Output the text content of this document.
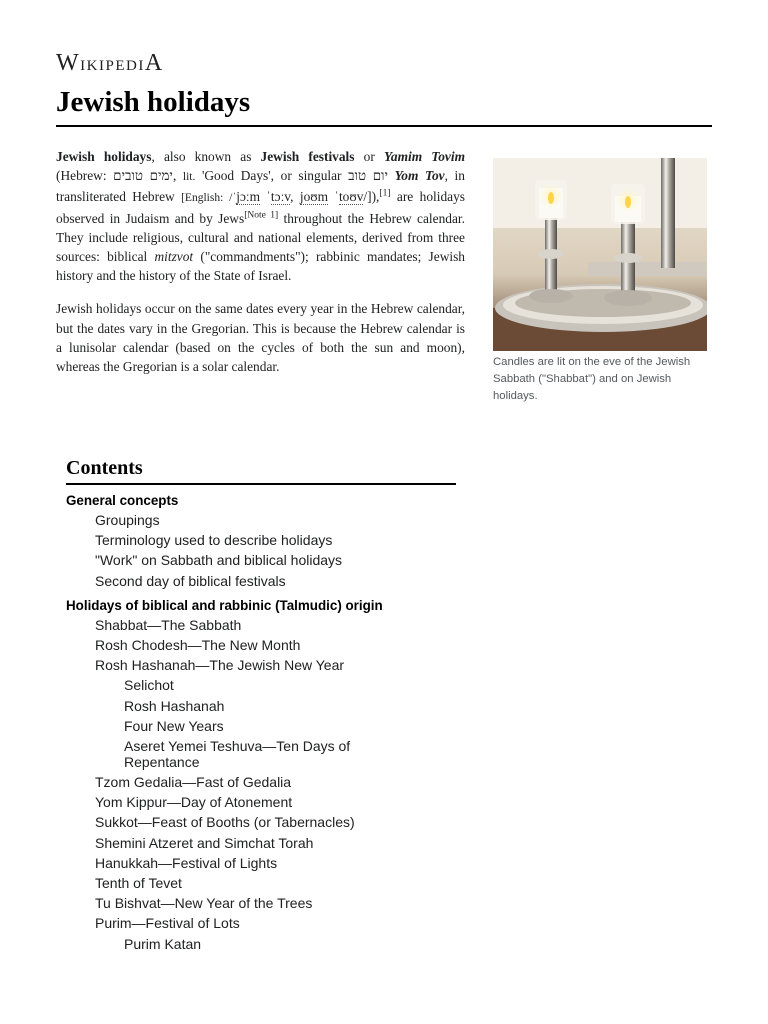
WikipediA
Jewish holidays

Jewish holidays, also known as Jewish festivals or Yamim Tovim (Hebrew: ימים טובים, lit. 'Good Days', or singular יום טוב Yom Tov, in transliterated Hebrew [English: /ˈjɔːm ˈtɔːv, joʊm ˈtoʊv/]),[1] are holidays observed in Judaism and by Jews[Note 1] throughout the Hebrew calendar. They include religious, cultural and national elements, derived from three sources: biblical mitzvot ("commandments"); rabbinic mandates; Jewish history and the history of the State of Israel.

Jewish holidays occur on the same dates every year in the Hebrew calendar, but the dates vary in the Gregorian. This is because the Hebrew calendar is a lunisolar calendar (based on the cycles of both the sun and moon), whereas the Gregorian is a solar calendar.	Candles are lit on the eve of the Jewish Sabbath ("Shabbat") and on Jewish holidays.
Contents
General concepts
Groupings
Terminology used to describe holidays
"Work" on Sabbath and biblical holidays
Second day of biblical festivals
Holidays of biblical and rabbinic (Talmudic) origin
Shabbat—The Sabbath
Rosh Chodesh—The New Month
Rosh Hashanah—The Jewish New Year
Selichot
Rosh Hashanah
Four New Years
Aseret Yemei Teshuva—Ten Days of Repentance
Tzom Gedalia—Fast of Gedalia
Yom Kippur—Day of Atonement
Sukkot—Feast of Booths (or Tabernacles)
Shemini Atzeret and Simchat Torah
Hanukkah—Festival of Lights
Tenth of Tevet
Tu Bishvat—New Year of the Trees
Purim—Festival of Lots
Purim Katan
